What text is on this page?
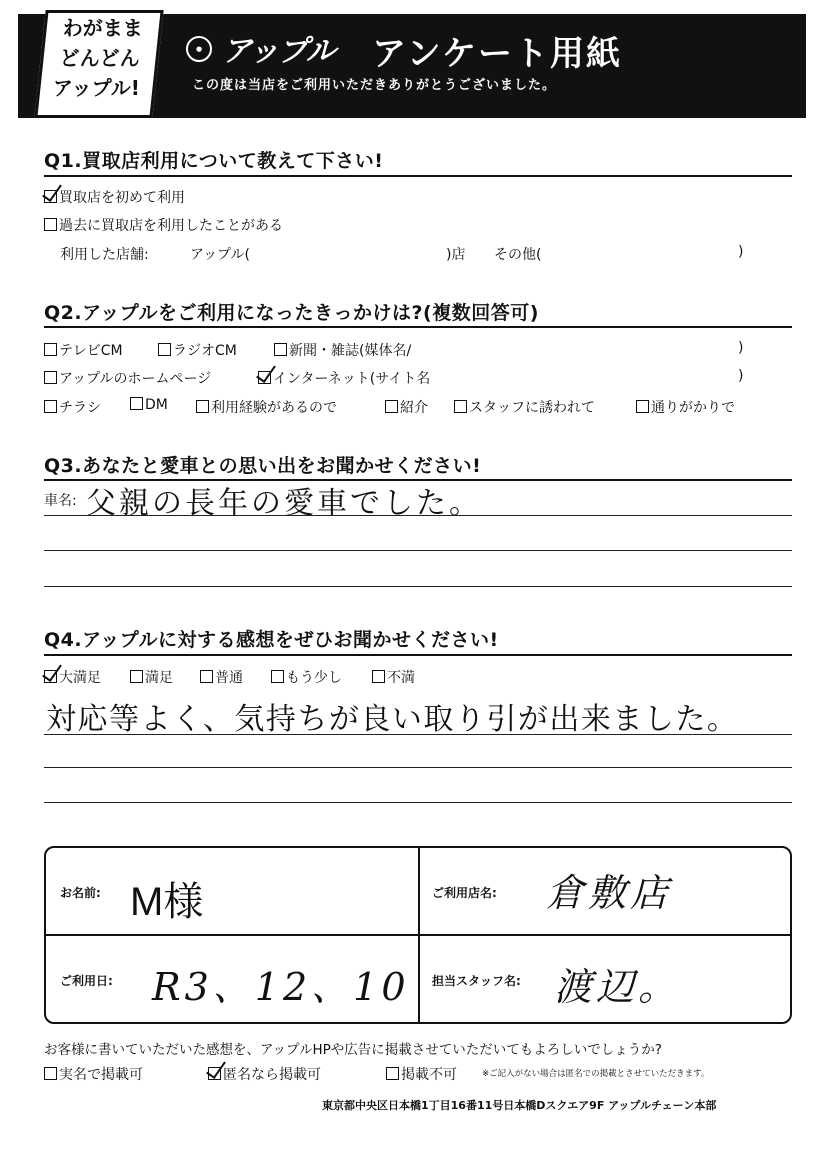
わがまま
どんどん
アップル!
● アップル アンケート用紙
この度は当店をご利用いただきありがとうございました。
Q1.買取店利用について教えて下さい!
買取店を初めて利用
過去に買取店を利用したことがある
利用した店舗:	アップル(	)店 その他(	)
Q2.アップルをご利用になったきっかけは?(複数回答可)
テレビCM	ラジオCM	新聞・雑誌(媒体名/	)
アップルのホームページ	インターネット(サイト名	)
チラシ	DM	利用経験があるので	紹介	スタッフに誘われて	通りがかりで
Q3.あなたと愛車との思い出をお聞かせください!
車名: 父親の長年の愛車でした。
Q4.アップルに対する感想をぜひお聞かせください!
大満足	満足	普通	もう少し	不満
対応等よく、気持ちが良い取り引が出来ました。
お名前: M様	ご利用店名: 倉敷店
ご利用日: R3、12、10 担当スタッフ名: 渡辺。
お客様に書いていただいた感想を、アップルHPや広告に掲載させていただいてもよろしいでしょうか?
実名で掲載可	匿名なら掲載可	掲載不可	※ご記入がない場合は匿名での掲載とさせていただきます。
東京都中央区日本橋1丁目16番11号日本橋Dスクエア9F アップルチェーン本部
